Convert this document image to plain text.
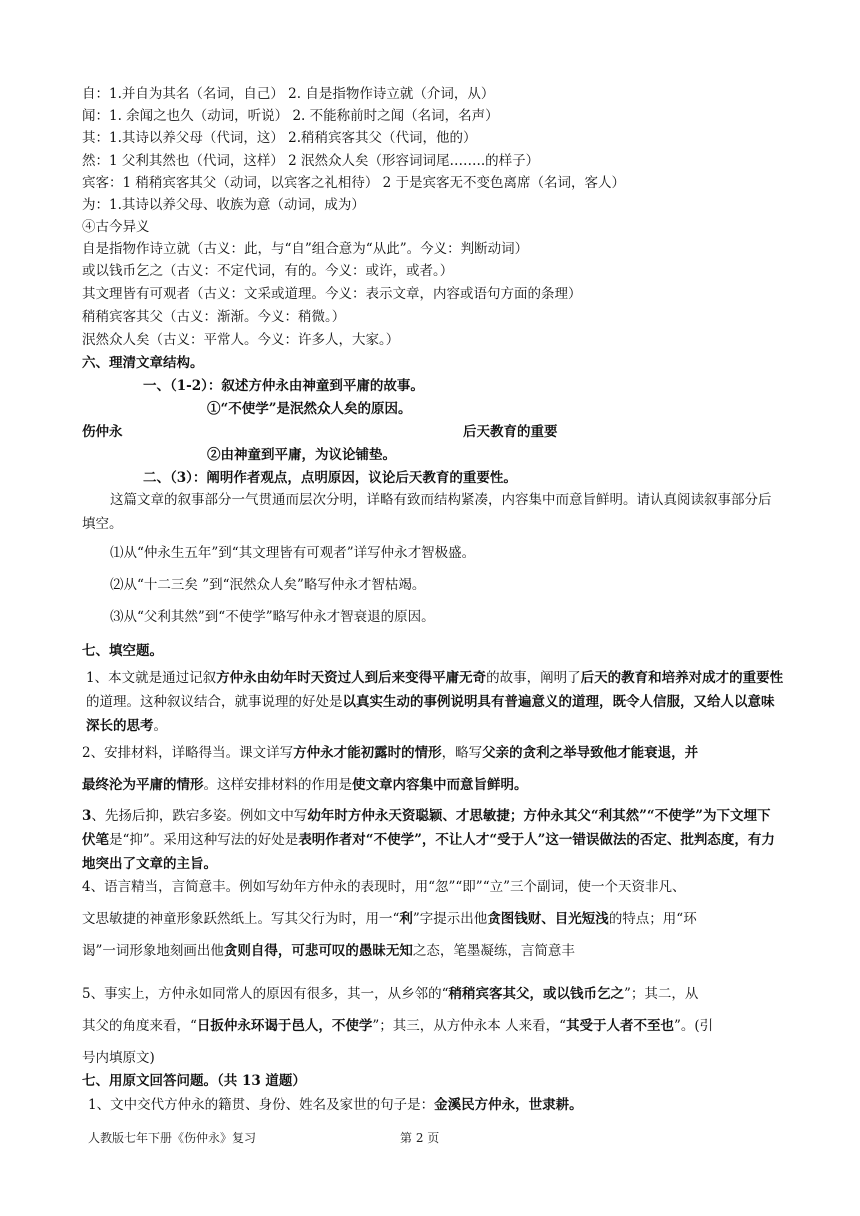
自：1.并自为其名（名词，自己） 2. 自是指物作诗立就（介词，从）
闻：1. 余闻之也久（动词，听说） 2. 不能称前时之闻（名词，名声）
其：1.其诗以养父母（代词，这） 2.稍稍宾客其父（代词，他的）
然：1 父利其然也（代词，这样） 2 泯然众人矣（形容词词尾……..的样子）
宾客：1 稍稍宾客其父（动词，以宾客之礼相待） 2 于是宾客无不变色离席（名词，客人）
为：1.其诗以养父母、收族为意（动词，成为）
④古今异义
自是指物作诗立就（古义：此，与“自”组合意为“从此”。今义：判断动词）
或以钱币乞之（古义：不定代词，有的。今义：或许，或者。）
其文理皆有可观者（古义：文采或道理。今义：表示文章，内容或语句方面的条理）
稍稍宾客其父（古义：渐渐。今义：稍微。）
泯然众人矣（古义：平常人。今义：许多人，大家。）
六、理清文章结构。
一、（1-2）：叙述方仲永由神童到平庸的故事。
①“不使学”是泯然众人矣的原因。
伤仲永	后天教育的重要
②由神童到平庸，为议论铺垫。
二、（3）：阐明作者观点，点明原因，议论后天教育的重要性。
这篇文章的叙事部分一气贯通而层次分明，详略有致而结构紧凑，内容集中而意旨鲜明。请认真阅读叙事部分后填空。
⑴从“仲永生五年”到“其文理皆有可观者”详写仲永才智极盛。
⑵从“十二三矣 ”到“泯然众人矣”略写仲永才智枯竭。
⑶从“父利其然”到“不使学”略写仲永才智衰退的原因。
七、填空题。
1、本文就是通过记叙方仲永由幼年时天资过人到后来变得平庸无奇的故事，阐明了后天的教育和培养对成才的重要性的道理。这种叙议结合，就事说理的好处是以真实生动的事例说明具有普遍意义的道理，既令人信服，又给人以意味深长的思考。
2、安排材料，详略得当。课文详写方仲永才能初露时的情形，略写父亲的贪利之举导致他才能衰退，并
最终沦为平庸的情形。这样安排材料的作用是使文章内容集中而意旨鲜明。
3、先扬后抑，跌宕多姿。例如文中写幼年时方仲永天资聪颖、才思敏捷；方仲永其父“利其然”“不使学”为下文埋下伏笔是“抑”。采用这种写法的好处是表明作者对“不使学”，不让人才“受于人”这一错误做法的否定、批判态度，有力地突出了文章的主旨。
4、语言精当，言简意丰。例如写幼年方仲永的表现时，用“忽”“即”“立”三个副词，使一个天资非凡、
文思敏捷的神童形象跃然纸上。写其父行为时，用一“利”字提示出他贪图钱财、目光短浅的特点；用“环
谒”一词形象地刻画出他贪则自得，可悲可叹的愚昧无知之态，笔墨凝练，言简意丰
5、事实上，方仲永如同常人的原因有很多，其一，从乡邻的“稍稍宾客其父，或以钱币乞之”；其二，从
其父的角度来看，“日扳仲永环谒于邑人，不使学”；其三，从方仲永本 人来看，“其受于人者不至也”。(引
号内填原文)
七、用原文回答问题。（共 13 道题）
1、文中交代方仲永的籍贯、身份、姓名及家世的句子是：金溪民方仲永，世隶耕。
人教版七年下册《伤仲永》复习	第 2 页
